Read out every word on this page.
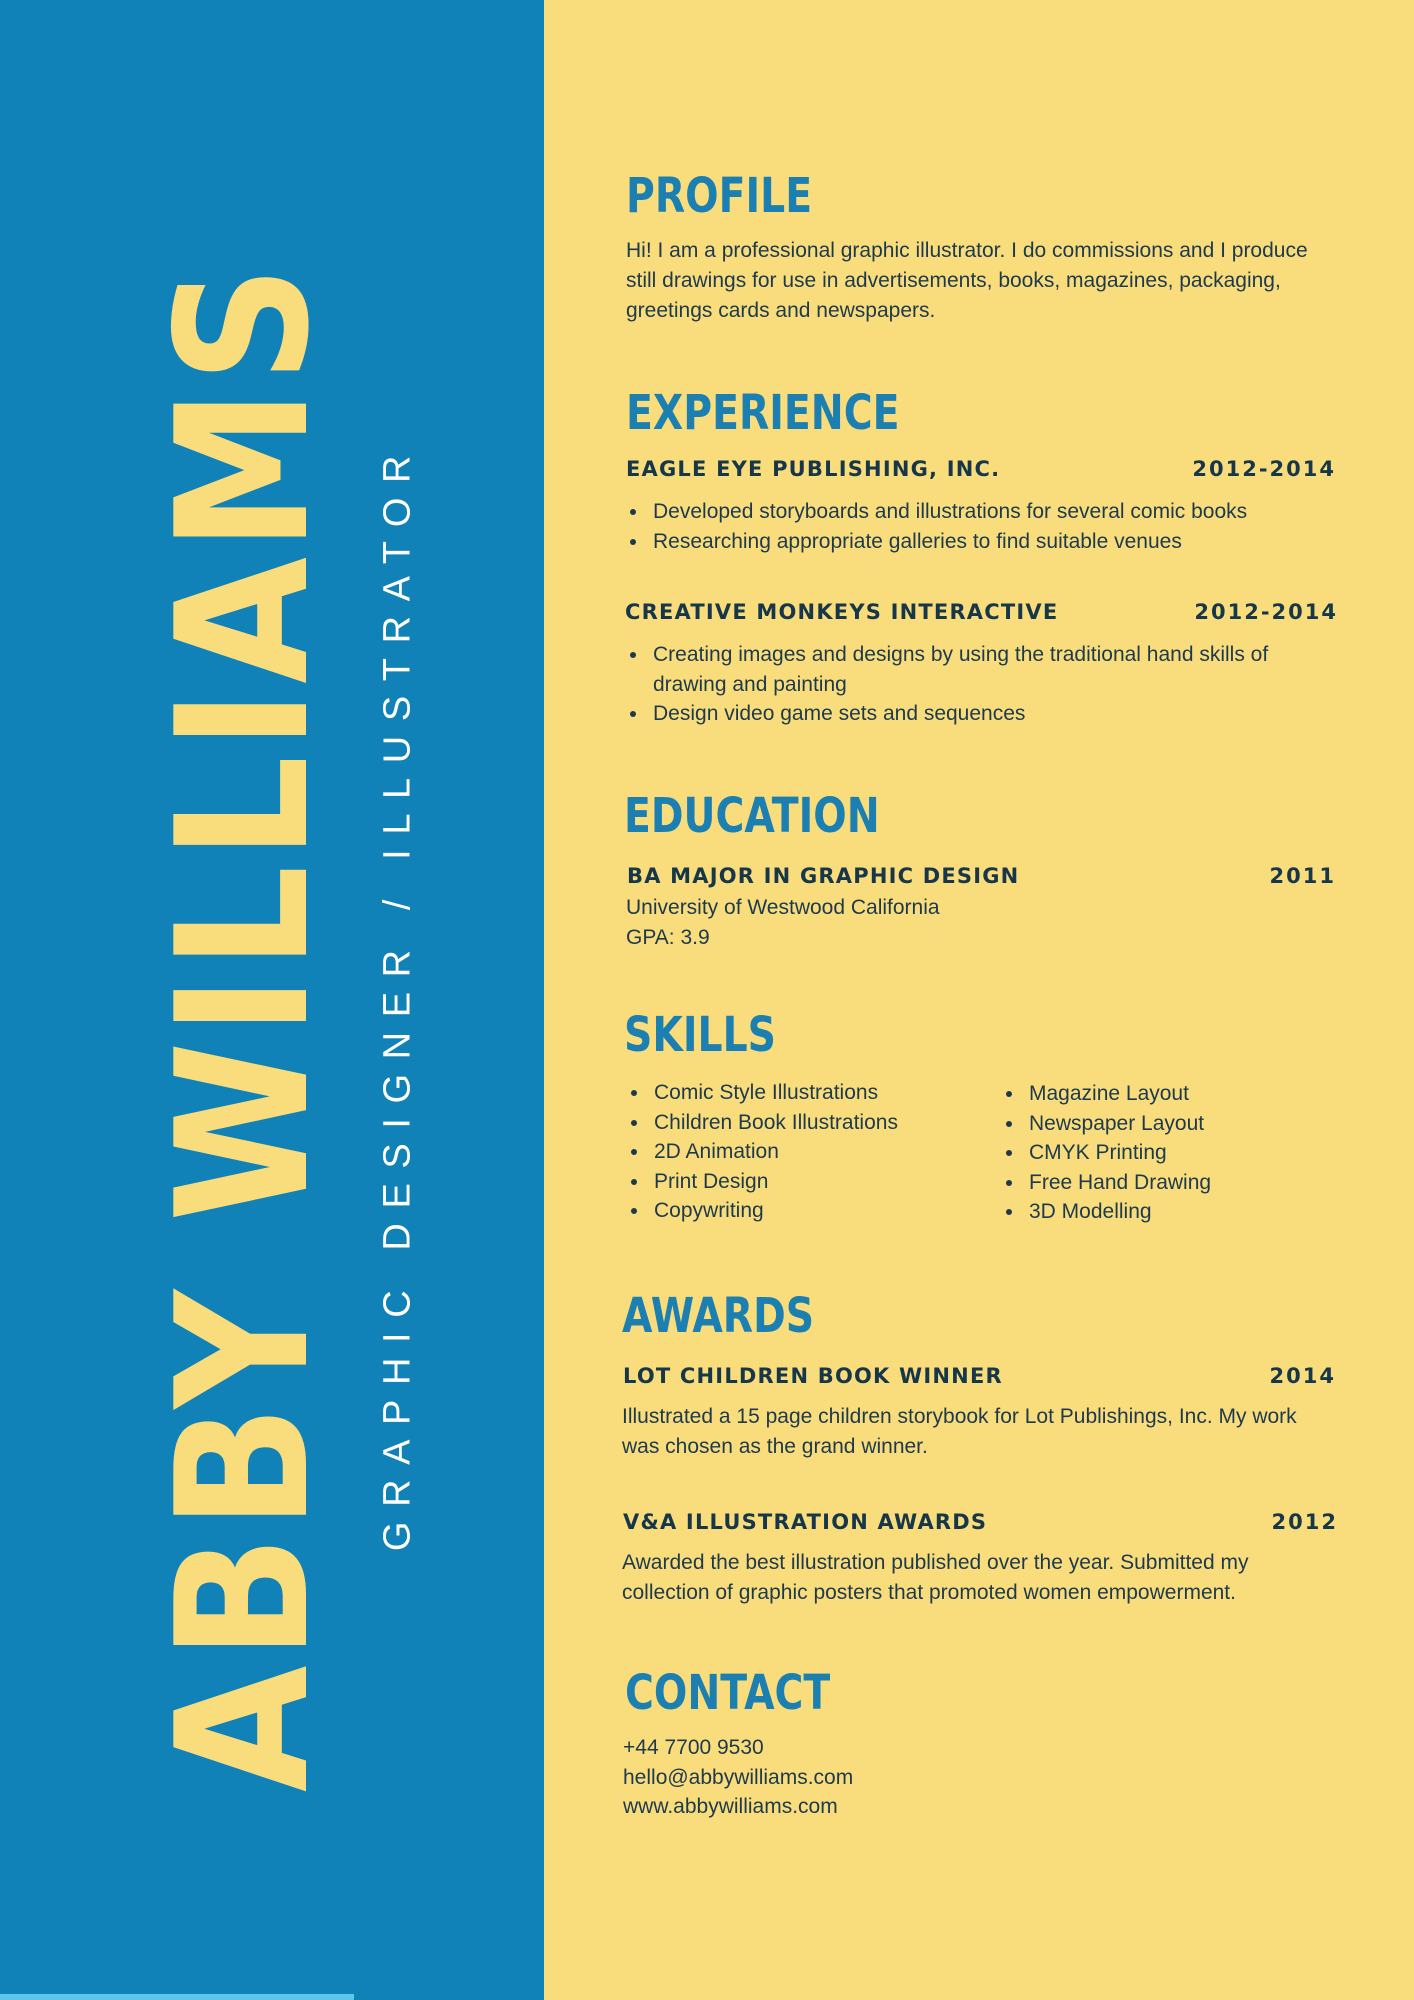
ABBY WILLIAMS GRAPHIC DESIGNER / ILLUSTRATOR
PROFILE
Hi! I am a professional graphic illustrator. I do commissions and I produce still drawings for use in advertisements, books, magazines, packaging, greetings cards and newspapers.
EXPERIENCE
EAGLE EYE PUBLISHING, INC.	2012-2014
Developed storyboards and illustrations for several comic books
Researching appropriate galleries to find suitable venues
CREATIVE MONKEYS INTERACTIVE	2012-2014
Creating images and designs by using the traditional hand skills of drawing and painting
Design video game sets and sequences
EDUCATION
BA MAJOR IN GRAPHIC DESIGN	2011
University of Westwood California
GPA: 3.9
SKILLS
Comic Style Illustrations
Children Book Illustrations
2D Animation
Print Design
Copywriting
Magazine Layout
Newspaper Layout
CMYK Printing
Free Hand Drawing
3D Modelling
AWARDS
LOT CHILDREN BOOK WINNER	2014
Illustrated a 15 page children storybook for Lot Publishings, Inc. My work was chosen as the grand winner.
V&A ILLUSTRATION AWARDS	2012
Awarded the best illustration published over the year. Submitted my collection of graphic posters that promoted women empowerment.
CONTACT
+44 7700 9530
hello@abbywilliams.com
www.abbywilliams.com
